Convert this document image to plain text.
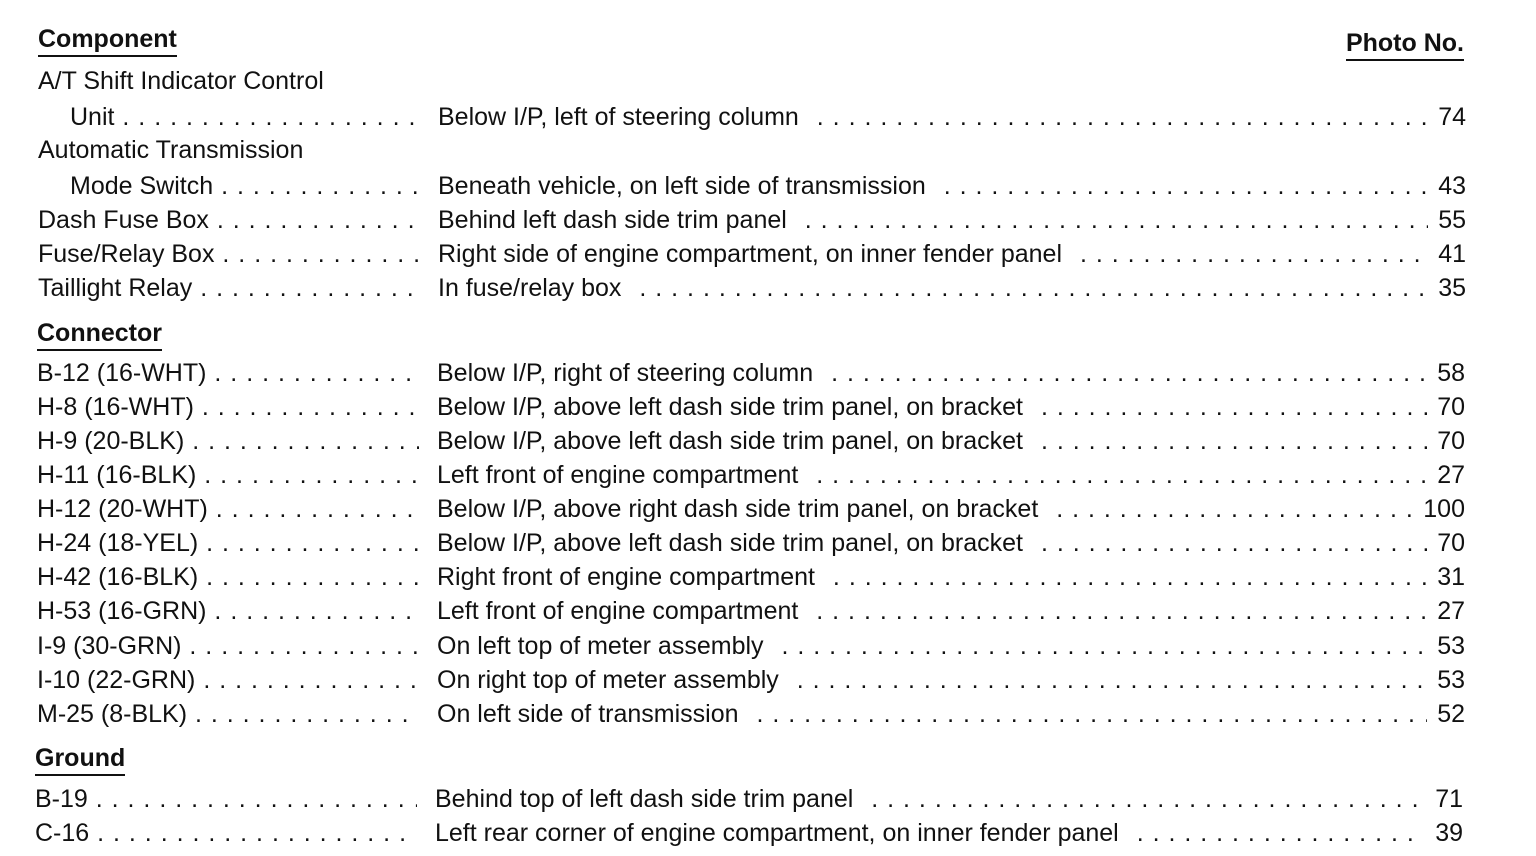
Component	Photo No.
A/T Shift Indicator Control
Unit . . .	Below I/P, left of steering column . . .	74
Automatic Transmission
Mode Switch . . .	Beneath vehicle, on left side of transmission . . .	43
Dash Fuse Box . . .	Behind left dash side trim panel . . .	55
Fuse/Relay Box . . .	Right side of engine compartment, on inner fender panel . . .	41
Taillight Relay . . .	In fuse/relay box . . .	35
Connector
B-12 (16-WHT) . . .	Below I/P, right of steering column . . .	58
H-8 (16-WHT) . . .	Below I/P, above left dash side trim panel, on bracket . . .	70
H-9 (20-BLK) . . .	Below I/P, above left dash side trim panel, on bracket . . .	70
H-11 (16-BLK) . . .	Left front of engine compartment . . .	27
H-12 (20-WHT) . . .	Below I/P, above right dash side trim panel, on bracket . . .	100
H-24 (18-YEL) . . .	Below I/P, above left dash side trim panel, on bracket . . .	70
H-42 (16-BLK) . . .	Right front of engine compartment . . .	31
H-53 (16-GRN) . . .	Left front of engine compartment . . .	27
I-9 (30-GRN) . . .	On left top of meter assembly . . .	53
I-10 (22-GRN) . . .	On right top of meter assembly . . .	53
M-25 (8-BLK) . . .	On left side of transmission . . .	52
Ground
B-19 . . .	Behind top of left dash side trim panel . . .	71
C-16 . . .	Left rear corner of engine compartment, on inner fender panel . . .	39
